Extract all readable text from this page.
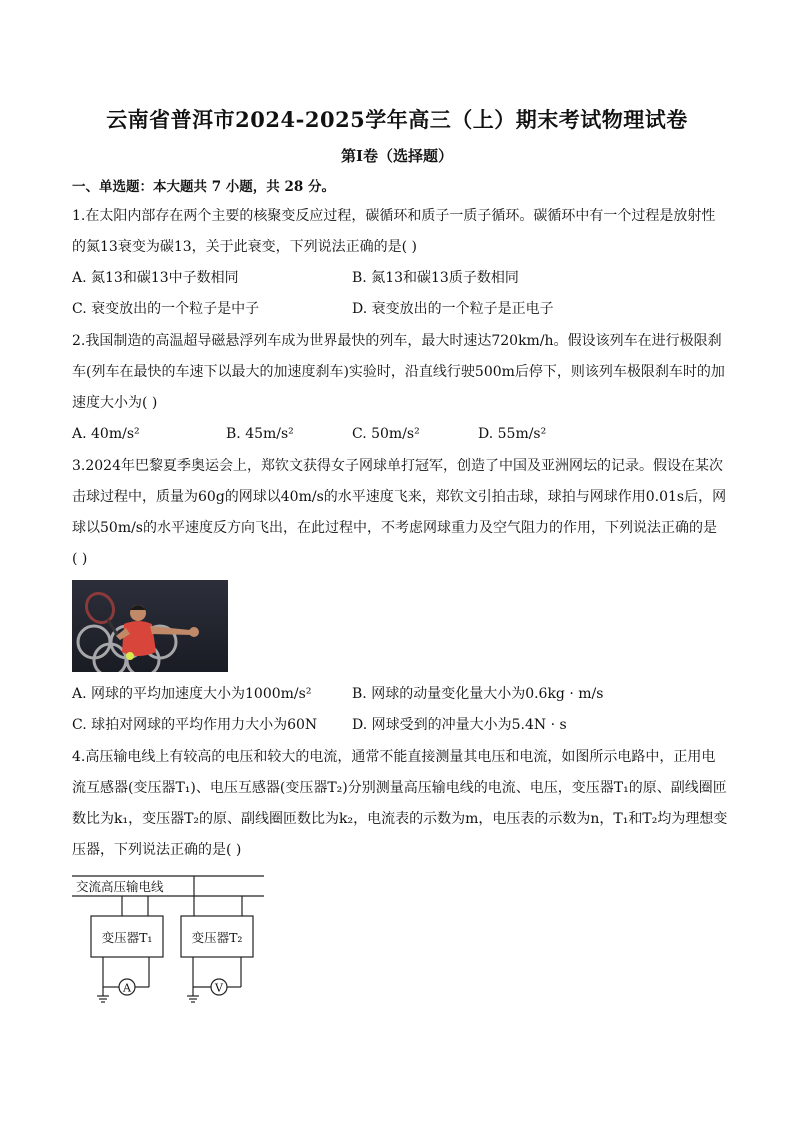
云南省普洱市2024-2025学年高三（上）期末考试物理试卷
第I卷（选择题）
一、单选题：本大题共 7 小题，共 28 分。
1.在太阳内部存在两个主要的核聚变反应过程，碳循环和质子一质子循环。碳循环中有一个过程是放射性
的氮13衰变为碳13，关于此衰变，下列说法正确的是( )
A. 氮13和碳13中子数相同	B. 氮13和碳13质子数相同
C. 衰变放出的一个粒子是中子	D. 衰变放出的一个粒子是正电子
2.我国制造的高温超导磁悬浮列车成为世界最快的列车，最大时速达720km/h。假设该列车在进行极限刹
车(列车在最快的车速下以最大的加速度刹车)实验时，沿直线行驶500m后停下，则该列车极限刹车时的加
速度大小为( )
A. 40m/s²	B. 45m/s²	C. 50m/s²	D. 55m/s²
3.2024年巴黎夏季奥运会上，郑钦文获得女子网球单打冠军，创造了中国及亚洲网坛的记录。假设在某次
击球过程中，质量为60g的网球以40m/s的水平速度飞来，郑钦文引拍击球，球拍与网球作用0.01s后，网
球以50m/s的水平速度反方向飞出，在此过程中，不考虑网球重力及空气阻力的作用，下列说法正确的是
( )
A. 网球的平均加速度大小为1000m/s²	B. 网球的动量变化量大小为0.6kg · m/s
C. 球拍对网球的平均作用力大小为60N D. 网球受到的冲量大小为5.4N · s
4.高压输电线上有较高的电压和较大的电流，通常不能直接测量其电压和电流，如图所示电路中，正用电
流互感器(变压器T₁)、电压互感器(变压器T₂)分别测量高压输电线的电流、电压，变压器T₁的原、副线圈匝
数比为k₁，变压器T₂的原、副线圈匝数比为k₂，电流表的示数为m，电压表的示数为n，T₁和T₂均为理想变
压器，下列说法正确的是( )
交流高压输电线
变压器T₁	变压器T₂
A	V
